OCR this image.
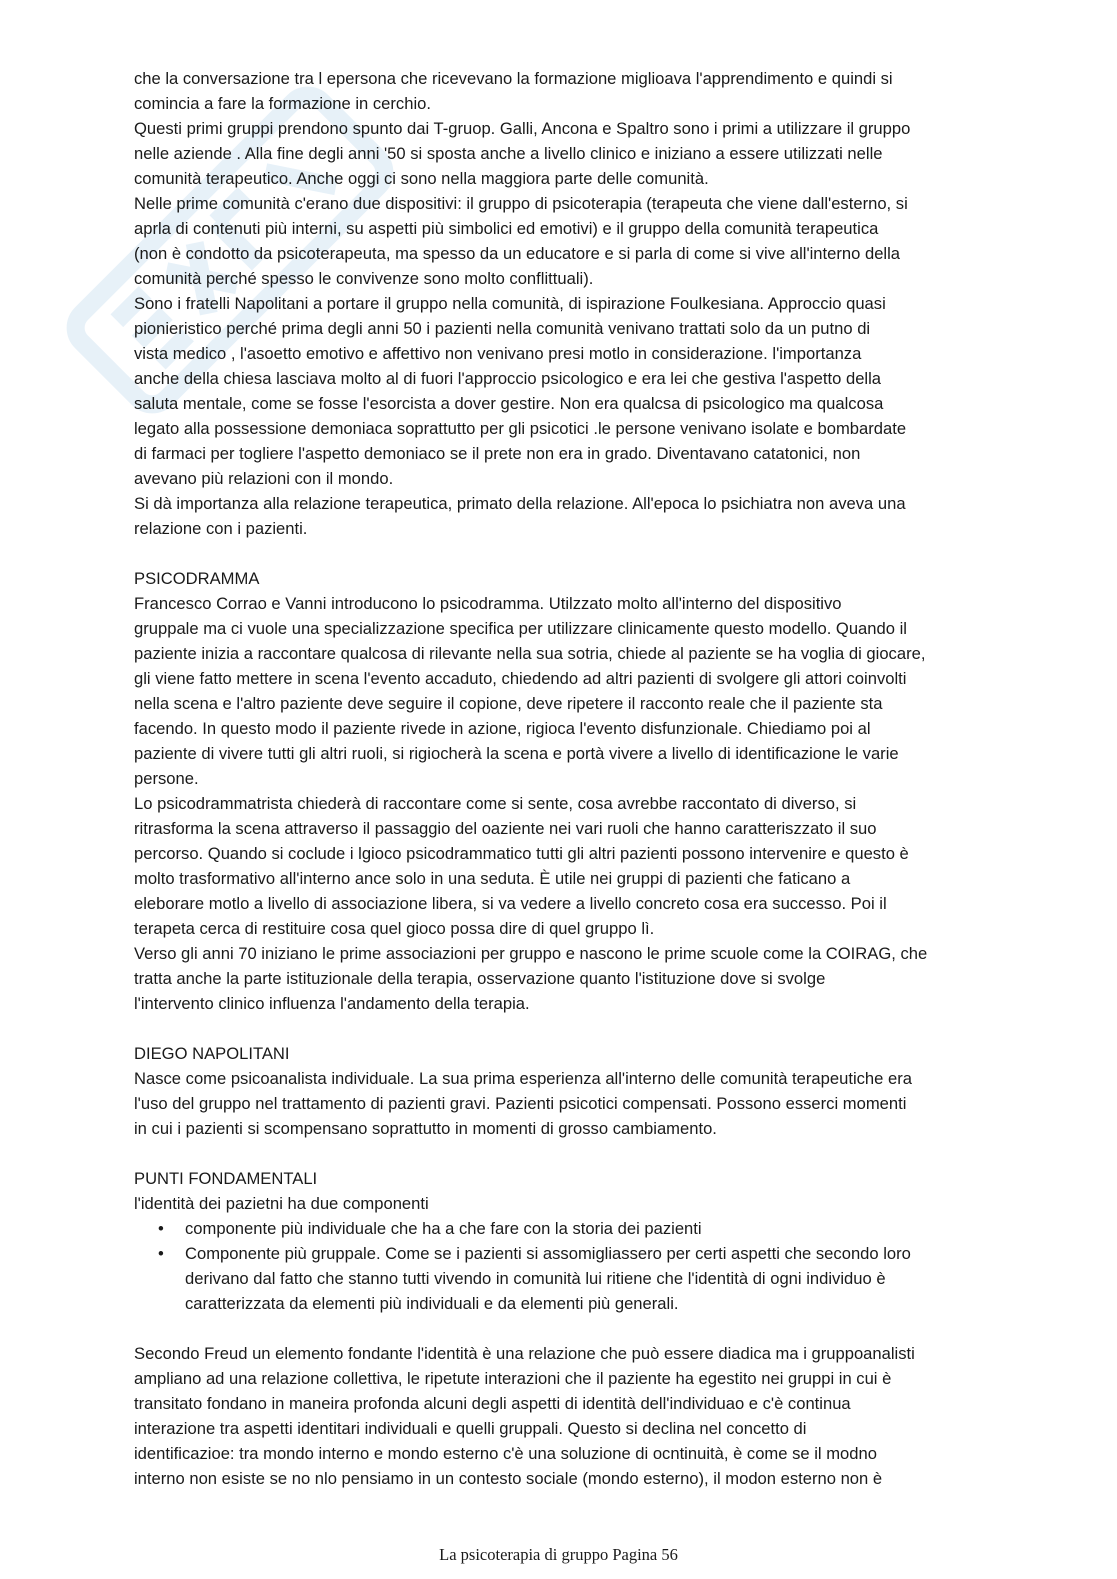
che la conversazione tra l epersona che ricevevano la formazione miglioava l'apprendimento e quindi si
comincia a fare la formazione in cerchio.
Questi primi gruppi prendono spunto dai T-gruop. Galli, Ancona e Spaltro sono i primi a utilizzare il gruppo
nelle aziende . Alla fine degli anni '50 si sposta anche a livello clinico e iniziano a essere utilizzati nelle
comunità terapeutico. Anche oggi ci sono nella maggiora parte delle comunità.
Nelle prime comunità c'erano due dispositivi: il gruppo di psicoterapia (terapeuta che viene dall'esterno, si
aprla di contenuti più interni, su aspetti più simbolici ed emotivi) e il gruppo della comunità terapeutica
(non è condotto da psicoterapeuta, ma spesso da un educatore e si parla di come si vive all'interno della
comunità perché spesso le convivenze sono molto conflittuali).
Sono i fratelli Napolitani a portare il gruppo nella comunità, di ispirazione Foulkesiana. Approccio quasi
pionieristico perché prima degli anni 50 i pazienti nella comunità venivano trattati solo da un putno di
vista medico , l'asoetto emotivo e affettivo non venivano presi motlo in considerazione. l'importanza
anche della chiesa lasciava molto al di fuori l'approccio psicologico e era lei che gestiva l'aspetto della
saluta mentale, come se fosse l'esorcista a dover gestire. Non era qualcsa di psicologico ma qualcosa
legato alla possessione demoniaca soprattutto per gli psicotici .le persone venivano isolate e bombardate
di farmaci per togliere l'aspetto demoniaco se il prete non era in grado. Diventavano catatonici, non
avevano più relazioni con il mondo.
Si dà importanza alla relazione terapeutica, primato della relazione. All'epoca lo psichiatra non aveva una
relazione con i pazienti.
PSICODRAMMA
Francesco Corrao e Vanni introducono lo psicodramma. Utilzzato molto all'interno del dispositivo
gruppale ma ci vuole una specializzazione specifica per utilizzare clinicamente questo modello. Quando il
paziente inizia a raccontare qualcosa di rilevante nella sua sotria, chiede al paziente se ha voglia di giocare,
gli viene fatto mettere in scena l'evento accaduto, chiedendo ad altri pazienti di svolgere gli attori coinvolti
nella scena e l'altro paziente deve seguire il copione, deve ripetere il racconto reale che il paziente sta
facendo. In questo modo il paziente rivede in azione, rigioca l'evento disfunzionale. Chiediamo poi al
paziente di vivere tutti gli altri ruoli, si rigiocherà la scena e portà vivere a livello di identificazione le varie
persone.
Lo psicodrammatrista chiederà di raccontare come si sente, cosa avrebbe raccontato di diverso, si
ritrasforma la scena attraverso il passaggio del oaziente nei vari ruoli che hanno caratteriszzato il suo
percorso. Quando si coclude i lgioco psicodrammatico tutti gli altri pazienti possono intervenire e questo è
molto trasformativo all'interno ance solo in una seduta. È utile nei gruppi di pazienti che faticano a
eleborare motlo a livello di associazione libera, si va vedere a livello concreto cosa era successo. Poi il
terapeta cerca di restituire cosa quel gioco possa dire di quel gruppo lì.
Verso gli anni 70 iniziano le prime associazioni per gruppo e nascono le prime scuole come la COIRAG, che
tratta anche la parte istituzionale della terapia, osservazione quanto l'istituzione dove si svolge
l'intervento clinico influenza l'andamento della terapia.
DIEGO NAPOLITANI
Nasce come psicoanalista individuale. La sua prima esperienza all'interno delle comunità terapeutiche era
l'uso del gruppo nel trattamento di pazienti gravi. Pazienti psicotici compensati. Possono esserci momenti
in cui i pazienti si scompensano soprattutto in momenti di grosso cambiamento.
PUNTI FONDAMENTALI
l'identità dei pazietni ha due componenti
• componente più individuale che ha a che fare con la storia dei pazienti
• Componente più gruppale. Come se i pazienti si assomigliassero per certi aspetti che secondo loro
derivano dal fatto che stanno tutti vivendo in comunità lui ritiene che l'identità di ogni individuo è
caratterizzata da elementi più individuali e da elementi più generali.
Secondo Freud un elemento fondante l'identità è una relazione che può essere diadica ma i gruppoanalisti
ampliano ad una relazione collettiva, le ripetute interazioni che il paziente ha egestito nei gruppi in cui è
transitato fondano in maneira profonda alcuni degli aspetti di identità dell'individuao e c'è continua
interazione tra aspetti identitari individuali e quelli gruppali. Questo si declina nel concetto di
identificazioe: tra mondo interno e mondo esterno c'è una soluzione di ocntinuità, è come se il modno
interno non esiste se no nlo pensiamo in un contesto sociale (mondo esterno), il modon esterno non è
La psicoterapia di gruppo Pagina 56
